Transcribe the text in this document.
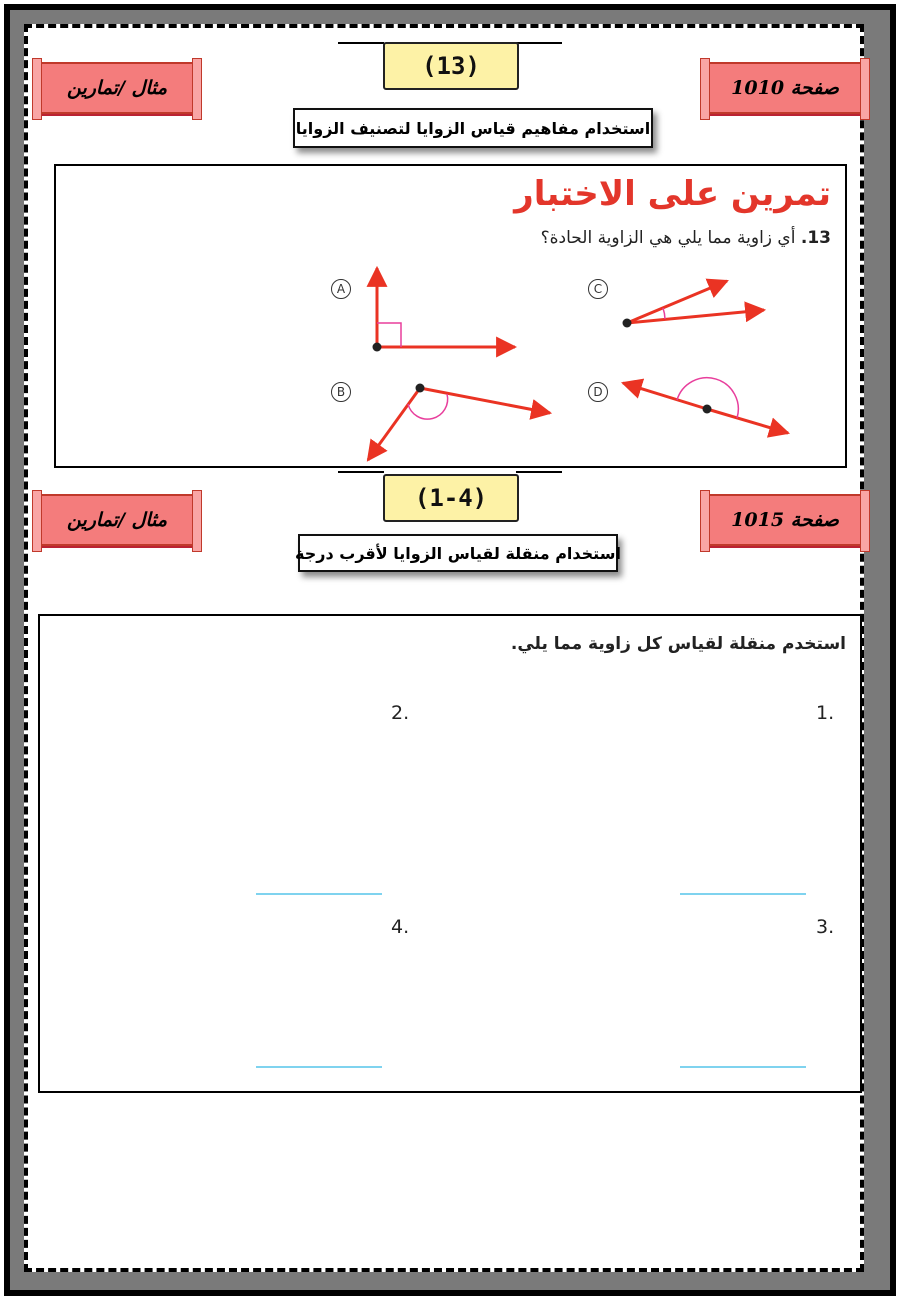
(13)
مثال /تمارين	صفحة 1010
استخدام مفاهيم قياس الزوايا لتصنيف الزوايا
تمرين على الاختبار
13. أي زاوية مما يلي هي الزاوية الحادة؟
A
B
C
D
(1-4)
مثال /تمارين	صفحة 1015
استخدام منقلة لقياس الزوايا لأقرب درجة
استخدم منقلة لقياس كل زاوية مما يلي.
1.
2.
3.
4.
